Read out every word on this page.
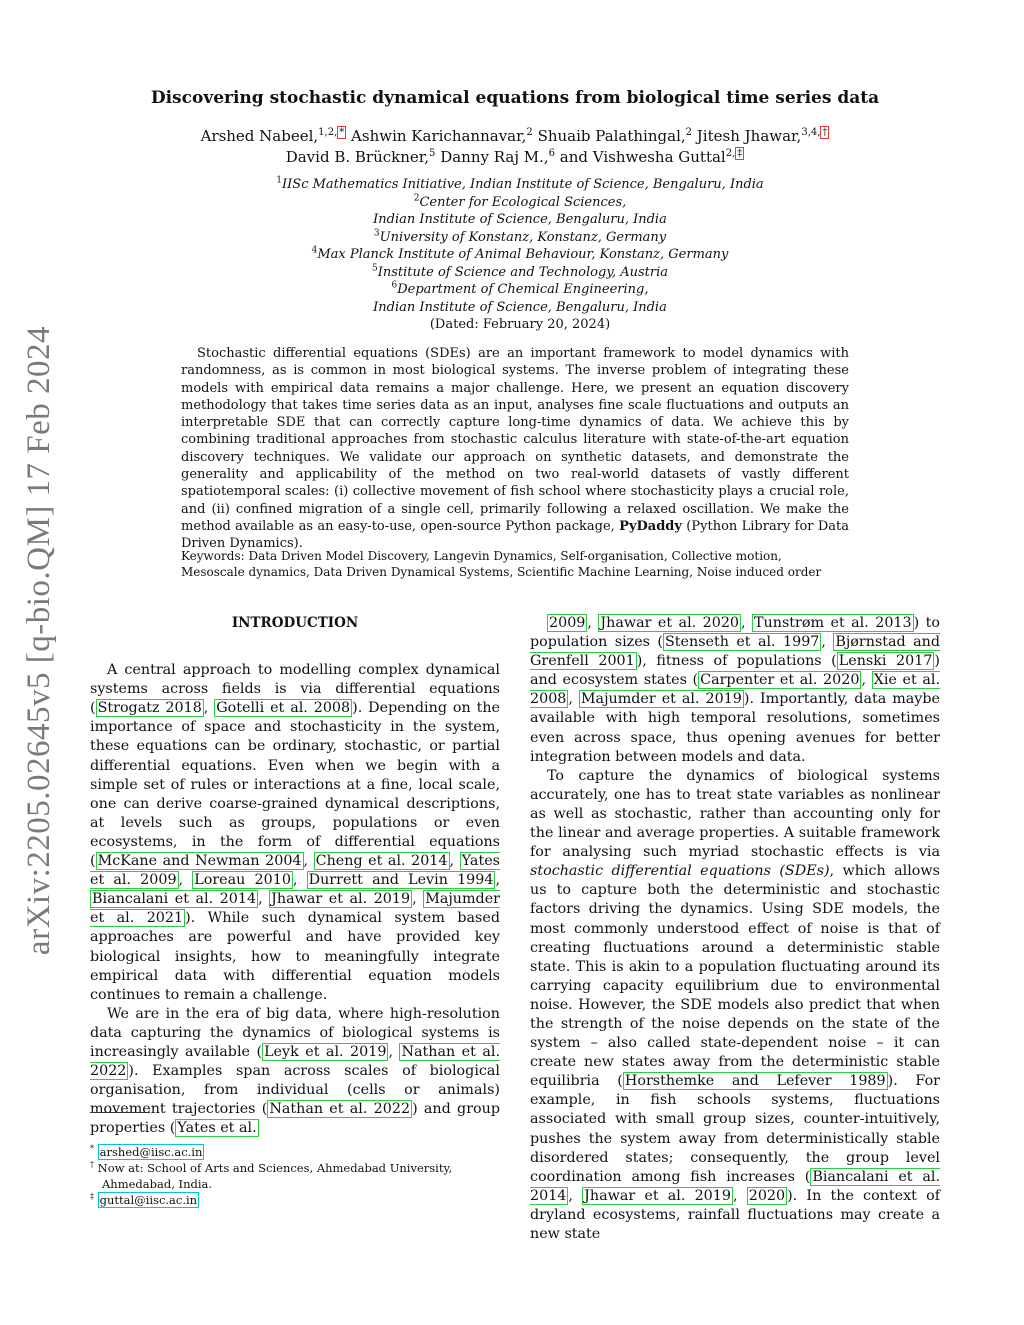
arXiv:2205.02645v5 [q-bio.QM] 17 Feb 2024
Discovering stochastic dynamical equations from biological time series data
Arshed Nabeel,$^{1,2,}$ * Ashwin Karichannavar,$^2$ Shuaib Palathingal,$^2$ Jitesh Jhawar,$^{3,4,}$ † David B. Brückner,$^5$ Danny Raj M.,$^6$ and Vishwesha Guttal$^{2,}$ ‡
$^1$IISc Mathematics Initiative, Indian Institute of Science, Bengaluru, India
$^2$Center for Ecological Sciences,
Indian Institute of Science, Bengaluru, India
$^3$University of Konstanz, Konstanz, Germany
$^4$Max Planck Institute of Animal Behaviour, Konstanz, Germany
$^5$Institute of Science and Technology, Austria
$^6$Department of Chemical Engineering,
Indian Institute of Science, Bengaluru, India
(Dated: February 20, 2024)

Stochastic differential equations (SDEs) are an important framework to model dynamics with randomness, as is common in most biological systems. The inverse problem of integrating these models with empirical data remains a major challenge. Here, we present an equation discovery methodology that takes time series data as an input, analyses fine scale fluctuations and outputs an interpretable SDE that can correctly capture long-time dynamics of data. We achieve this by combining traditional approaches from stochastic calculus literature with state-of-the-art equation discovery techniques. We validate our approach on synthetic datasets, and demonstrate the generality and applicability of the method on two real-world datasets of vastly different spatiotemporal scales: (i) collective movement of fish school where stochasticity plays a crucial role, and (ii) confined migration of a single cell, primarily following a relaxed oscillation. We make the method available as an easy-to-use, open-source Python package, PyDaddy (Python Library for Data Driven Dynamics).

Keywords: Data Driven Model Discovery, Langevin Dynamics, Self-organisation, Collective motion, Mesoscale dynamics, Data Driven Dynamical Systems, Scientific Machine Learning, Noise induced order

INTRODUCTION

A central approach to modelling complex dynamical systems across fields is via differential equations ( Strogatz 2018 , Gotelli et al. 2008 ). Depending on the importance of space and stochasticity in the system, these equations can be ordinary, stochastic, or partial differential equations. Even when we begin with a simple set of rules or interactions at a fine, local scale, one can derive coarse-grained dynamical descriptions, at levels such as groups, populations or even ecosystems, in the form of differential equations ( McKane and Newman 2004 , Cheng et al. 2014 , Yates et al. 2009 , Loreau 2010 , Durrett and Levin 1994 , Biancalani et al. 2014 , Jhawar et al. 2019 , Majumder et al. 2021 ). While such dynamical system based approaches are powerful and have provided key biological insights, how to meaningfully integrate empirical data with differential equation models continues to remain a challenge.

We are in the era of big data, where high-resolution data capturing the dynamics of biological systems is increasingly available ( Leyk et al. 2019 , Nathan et al. 2022 ). Examples span across scales of biological organisation, from individual (cells or animals) movement trajectories ( Nathan et al. 2022 ) and group properties ( Yates et al.

2009 , Jhawar et al. 2020 , Tunstrøm et al. 2013 ) to population sizes ( Stenseth et al. 1997 , Bjørnstad and Grenfell 2001 ), fitness of populations ( Lenski 2017 ) and ecosystem states ( Carpenter et al. 2020 , Xie et al. 2008 , Majumder et al. 2019 ). Importantly, data maybe available with high temporal resolutions, sometimes even across space, thus opening avenues for better integration between models and data.

To capture the dynamics of biological systems accurately, one has to treat state variables as nonlinear as well as stochastic, rather than accounting only for the linear and average properties. A suitable framework for analysing such myriad stochastic effects is via stochastic differential equations (SDEs), which allows us to capture both the deterministic and stochastic factors driving the dynamics. Using SDE models, the most commonly understood effect of noise is that of creating fluctuations around a deterministic stable state. This is akin to a population fluctuating around its carrying capacity equilibrium due to environmental noise. However, the SDE models also predict that when the strength of the noise depends on the state of the system – also called state-dependent noise – it can create new states away from the deterministic stable equilibria ( Horsthemke and Lefever 1989 ). For example, in fish schools systems, fluctuations associated with small group sizes, counter-intuitively, pushes the system away from deterministically stable disordered states; consequently, the group level coordination among fish increases ( Biancalani et al. 2014 , Jhawar et al. 2019 , 2020 ). In the context of dryland ecosystems, rainfall fluctuations may create a new state

* arshed@iisc.ac.in
† Now at: School of Arts and Sciences, Ahmedabad University, Ahmedabad, India.
‡ guttal@iisc.ac.in
